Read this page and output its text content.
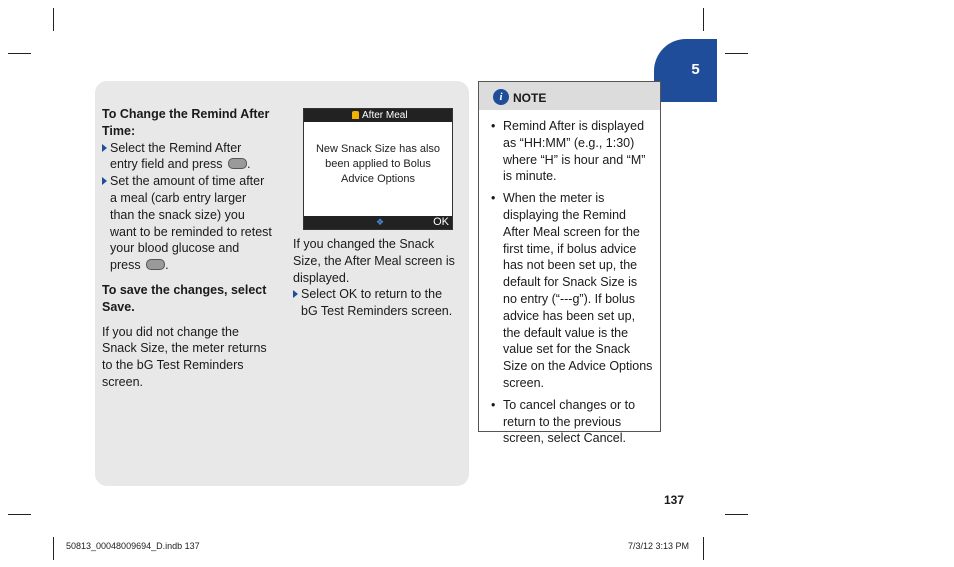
5

To Change the Remind After Time:

Select the Remind After entry field and press .

Set the amount of time after a meal (carb entry larger than the snack size) you want to be reminded to retest your blood glucose and press .

To save the changes, select Save.

If you did not change the Snack Size, the meter returns to the bG Test Reminders screen.

After Meal
New Snack Size has also been applied to Bolus Advice Options
❖	OK

If you changed the Snack Size, the After Meal screen is displayed.

Select OK to return to the bG Test Reminders screen.

i NOTE
• Remind After is displayed as “HH:MM” (e.g., 1:30) where “H” is hour and “M” is minute.
• When the meter is displaying the Remind After Meal screen for the first time, if bolus advice has not been set up, the default for Snack Size is no entry (“---g”). If bolus advice has been set up, the default value is the value set for the Snack Size on the Advice Options screen.
• To cancel changes or to return to the previous screen, select Cancel.
137
50813_00048009694_D.indb 137	7/3/12 3:13 PM
